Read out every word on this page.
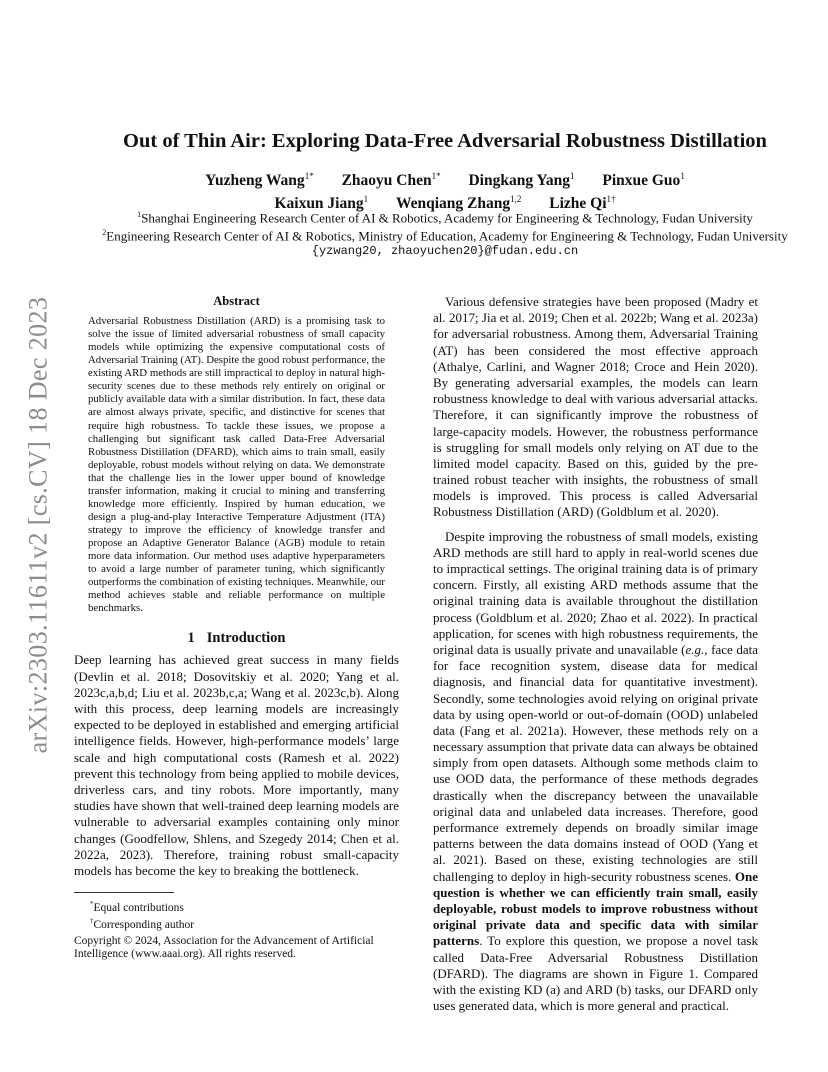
arXiv:2303.11611v2 [cs.CV] 18 Dec 2023
Out of Thin Air: Exploring Data-Free Adversarial Robustness Distillation
Yuzheng Wang$^{1*}$ Zhaoyu Chen$^{1*}$ Dingkang Yang$^1$ Pinxue Guo$^1$
Kaixun Jiang$^1$ Wenqiang Zhang$^{1,2}$ Lizhe $Qi^{1\dagger}$
$^1$Shanghai Engineering Research Center of AI & Robotics, Academy for Engineering & Technology, Fudan University
$^2$Engineering Research Center of AI & Robotics, Ministry of Education, Academy for Engineering & Technology, Fudan University
{yzwang20, zhaoyuchen20}@fudan.edu.cn
Abstract
Adversarial Robustness Distillation (ARD) is a promising task to solve the issue of limited adversarial robustness of small capacity models while optimizing the expensive computational costs of Adversarial Training (AT). Despite the good robust performance, the existing ARD methods are still impractical to deploy in natural high-security scenes due to these methods rely entirely on original or publicly available data with a similar distribution. In fact, these data are almost always private, specific, and distinctive for scenes that require high robustness. To tackle these issues, we propose a challenging but significant task called Data-Free Adversarial Robustness Distillation (DFARD), which aims to train small, easily deployable, robust models without relying on data. We demonstrate that the challenge lies in the lower upper bound of knowledge transfer information, making it crucial to mining and transferring knowledge more efficiently. Inspired by human education, we design a plug-and-play Interactive Temperature Adjustment (ITA) strategy to improve the efficiency of knowledge transfer and propose an Adaptive Generator Balance (AGB) module to retain more data information. Our method uses adaptive hyperparameters to avoid a large number of parameter tuning, which significantly outperforms the combination of existing techniques. Meanwhile, our method achieves stable and reliable performance on multiple benchmarks.
1 Introduction

Deep learning has achieved great success in many fields (Devlin et al. 2018; Dosovitskiy et al. 2020; Yang et al. 2023c,a,b,d; Liu et al. 2023b,c,a; Wang et al. 2023c,b). Along with this process, deep learning models are increasingly expected to be deployed in established and emerging artificial intelligence fields. However, high-performance models’ large scale and high computational costs (Ramesh et al. 2022) prevent this technology from being applied to mobile devices, driverless cars, and tiny robots. More importantly, many studies have shown that well-trained deep learning models are vulnerable to adversarial examples containing only minor changes (Goodfellow, Shlens, and Szegedy 2014; Chen et al. 2022a, 2023). Therefore, training robust small-capacity models has become the key to breaking the bottleneck.

*Equal contributions
†Corresponding author
Copyright © 2024, Association for the Advancement of Artificial Intelligence (www.aaai.org). All rights reserved.

Various defensive strategies have been proposed (Madry et al. 2017; Jia et al. 2019; Chen et al. 2022b; Wang et al. 2023a) for adversarial robustness. Among them, Adversarial Training (AT) has been considered the most effective approach (Athalye, Carlini, and Wagner 2018; Croce and Hein 2020). By generating adversarial examples, the models can learn robustness knowledge to deal with various adversarial attacks. Therefore, it can significantly improve the robustness of large-capacity models. However, the robustness performance is struggling for small models only relying on AT due to the limited model capacity. Based on this, guided by the pre-trained robust teacher with insights, the robustness of small models is improved. This process is called Adversarial Robustness Distillation (ARD) (Goldblum et al. 2020).

Despite improving the robustness of small models, existing ARD methods are still hard to apply in real-world scenes due to impractical settings. The original training data is of primary concern. Firstly, all existing ARD methods assume that the original training data is available throughout the distillation process (Goldblum et al. 2020; Zhao et al. 2022). In practical application, for scenes with high robustness requirements, the original data is usually private and unavailable (e.g., face data for face recognition system, disease data for medical diagnosis, and financial data for quantitative investment). Secondly, some technologies avoid relying on original private data by using open-world or out-of-domain (OOD) unlabeled data (Fang et al. 2021a). However, these methods rely on a necessary assumption that private data can always be obtained simply from open datasets. Although some methods claim to use OOD data, the performance of these methods degrades drastically when the discrepancy between the unavailable original data and unlabeled data increases. Therefore, good performance extremely depends on broadly similar image patterns between the data domains instead of OOD (Yang et al. 2021). Based on these, existing technologies are still challenging to deploy in high-security robustness scenes. One question is whether we can efficiently train small, easily deployable, robust models to improve robustness without original private data and specific data with similar patterns. To explore this question, we propose a novel task called Data-Free Adversarial Robustness Distillation (DFARD). The diagrams are shown in Figure 1. Compared with the existing KD (a) and ARD (b) tasks, our DFARD only uses generated data, which is more general and practical.
